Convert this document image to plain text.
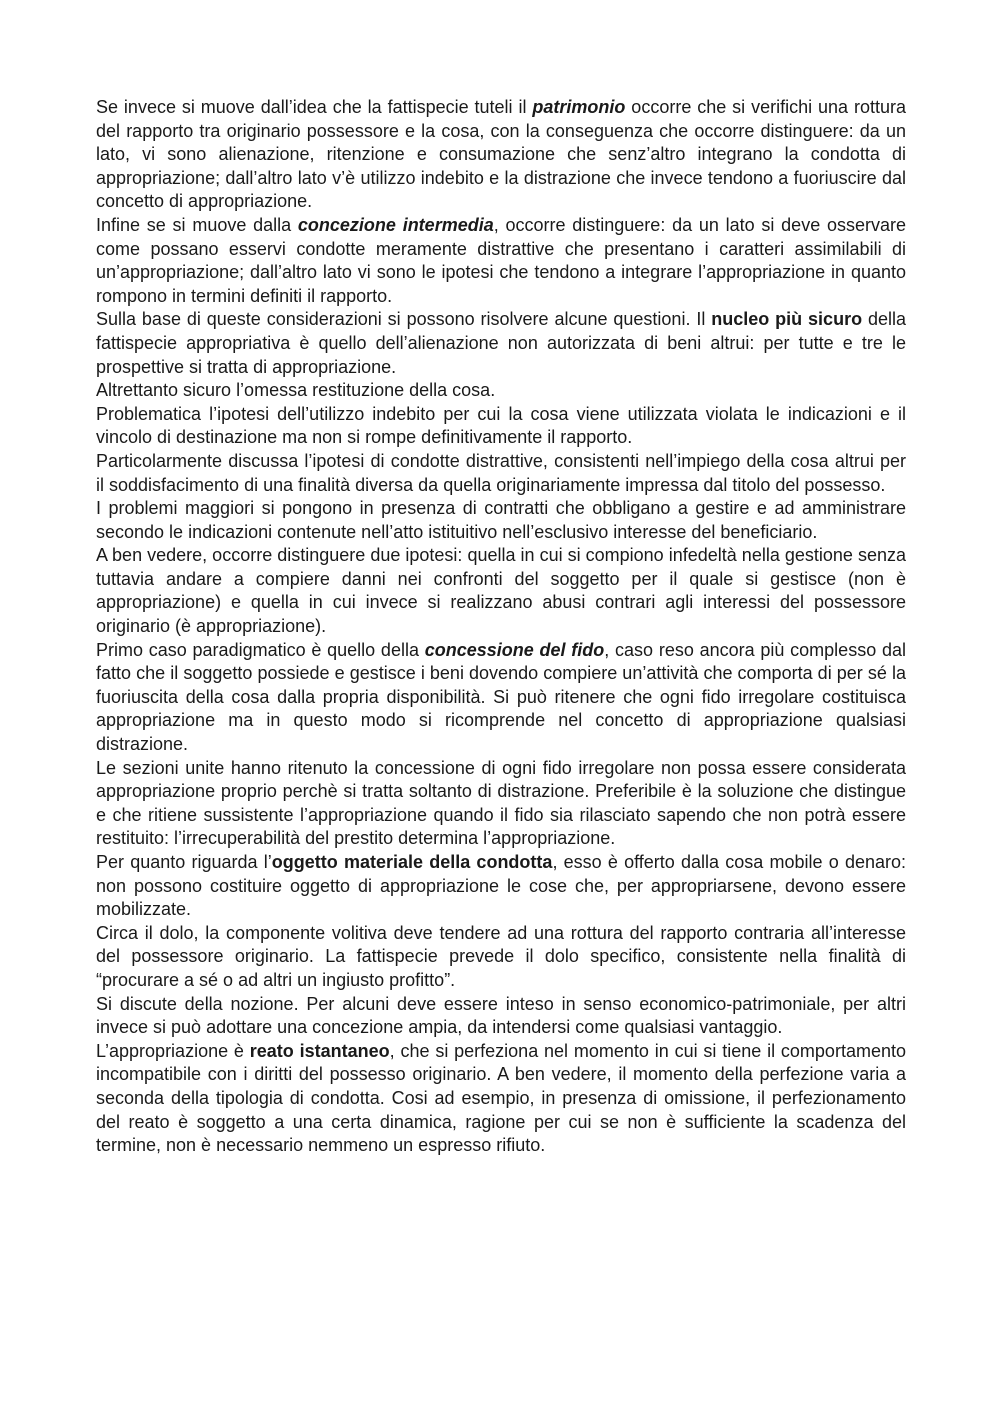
Se invece si muove dall’idea che la fattispecie tuteli il patrimonio occorre che si verifichi una rottura del rapporto tra originario possessore e la cosa, con la conseguenza che occorre distinguere: da un lato, vi sono alienazione, ritenzione e consumazione che senz’altro integrano la condotta di appropriazione; dall’altro lato v’è utilizzo indebito e la distrazione che invece tendono a fuoriuscire dal concetto di appropriazione.

Infine se si muove dalla concezione intermedia, occorre distinguere: da un lato si deve osservare come possano esservi condotte meramente distrattive che presentano i caratteri assimilabili di un’appropriazione; dall’altro lato vi sono le ipotesi che tendono a integrare l’appropriazione in quanto rompono in termini definiti il rapporto.

Sulla base di queste considerazioni si possono risolvere alcune questioni. Il nucleo più sicuro della fattispecie appropriativa è quello dell’alienazione non autorizzata di beni altrui: per tutte e tre le prospettive si tratta di appropriazione.

Altrettanto sicuro l’omessa restituzione della cosa.

Problematica l’ipotesi dell’utilizzo indebito per cui la cosa viene utilizzata violata le indicazioni e il vincolo di destinazione ma non si rompe definitivamente il rapporto.

Particolarmente discussa l’ipotesi di condotte distrattive, consistenti nell’impiego della cosa altrui per il soddisfacimento di una finalità diversa da quella originariamente impressa dal titolo del possesso.

I problemi maggiori si pongono in presenza di contratti che obbligano a gestire e ad amministrare secondo le indicazioni contenute nell’atto istituitivo nell’esclusivo interesse del beneficiario.

A ben vedere, occorre distinguere due ipotesi: quella in cui si compiono infedeltà nella gestione senza tuttavia andare a compiere danni nei confronti del soggetto per il quale si gestisce (non è appropriazione) e quella in cui invece si realizzano abusi contrari agli interessi del possessore originario (è appropriazione).

Primo caso paradigmatico è quello della concessione del fido, caso reso ancora più complesso dal fatto che il soggetto possiede e gestisce i beni dovendo compiere un’attività che comporta di per sé la fuoriuscita della cosa dalla propria disponibilità. Si può ritenere che ogni fido irregolare costituisca appropriazione ma in questo modo si ricomprende nel concetto di appropriazione qualsiasi distrazione.

Le sezioni unite hanno ritenuto la concessione di ogni fido irregolare non possa essere considerata appropriazione proprio perchè si tratta soltanto di distrazione. Preferibile è la soluzione che distingue e che ritiene sussistente l’appropriazione quando il fido sia rilasciato sapendo che non potrà essere restituito: l’irrecuperabilità del prestito determina l’appropriazione.

Per quanto riguarda l’oggetto materiale della condotta, esso è offerto dalla cosa mobile o denaro: non possono costituire oggetto di appropriazione le cose che, per appropriarsene, devono essere mobilizzate.

Circa il dolo, la componente volitiva deve tendere ad una rottura del rapporto contraria all’interesse del possessore originario. La fattispecie prevede il dolo specifico, consistente nella finalità di “procurare a sé o ad altri un ingiusto profitto”.

Si discute della nozione. Per alcuni deve essere inteso in senso economico-patrimoniale, per altri invece si può adottare una concezione ampia, da intendersi come qualsiasi vantaggio.

L’appropriazione è reato istantaneo, che si perfeziona nel momento in cui si tiene il comportamento incompatibile con i diritti del possesso originario. A ben vedere, il momento della perfezione varia a seconda della tipologia di condotta. Cosi ad esempio, in presenza di omissione, il perfezionamento del reato è soggetto a una certa dinamica, ragione per cui se non è sufficiente la scadenza del termine, non è necessario nemmeno un espresso rifiuto.
